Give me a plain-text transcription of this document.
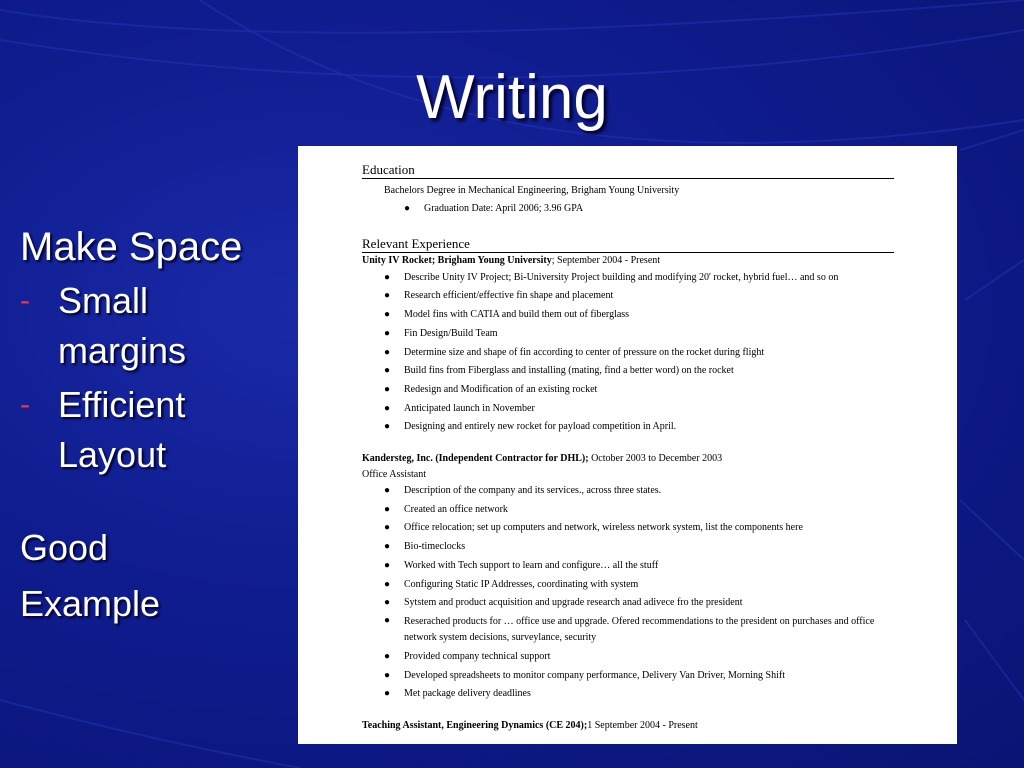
Writing
Make Space
- Small margins
- Efficient Layout
Good
Example
Education
Bachelors Degree in Mechanical Engineering, Brigham Young University
● Graduation Date: April 2006; 3.96 GPA
Relevant Experience
Unity IV Rocket; Brigham Young University; September 2004 - Present
● Describe Unity IV Project; Bi-University Project building and modifying 20' rocket, hybrid fuel… and so on
● Research efficient/effective fin shape and placement
● Model fins with CATIA and build them out of fiberglass
● Fin Design/Build Team
● Determine size and shape of fin according to center of pressure on the rocket during flight
● Build fins from Fiberglass and installing (mating, find a better word) on the rocket
● Redesign and Modification of an existing rocket
● Anticipated launch in November
● Designing and entirely new rocket for payload competition in April.
Kandersteg, Inc. (Independent Contractor for DHL); October 2003 to December 2003
Office Assistant
● Description of the company and its services., across three states.
● Created an office network
● Office relocation; set up computers and network, wireless network system, list the components here
● Bio-timeclocks
● Worked with Tech support to learn and configure… all the stuff
● Configuring Static IP Addresses, coordinating with system
● Sytstem and product acquisition and upgrade research anad adivece fro the president
● Reserached products for … office use and upgrade. Ofered recommendations to the president on purchases and office network system decisions, surveylance, security
● Provided company technical support
● Developed spreadsheets to monitor company performance, Delivery Van Driver, Morning Shift
● Met package delivery deadlines
Teaching Assistant, Engineering Dynamics (CE 204);1 September 2004 - Present
